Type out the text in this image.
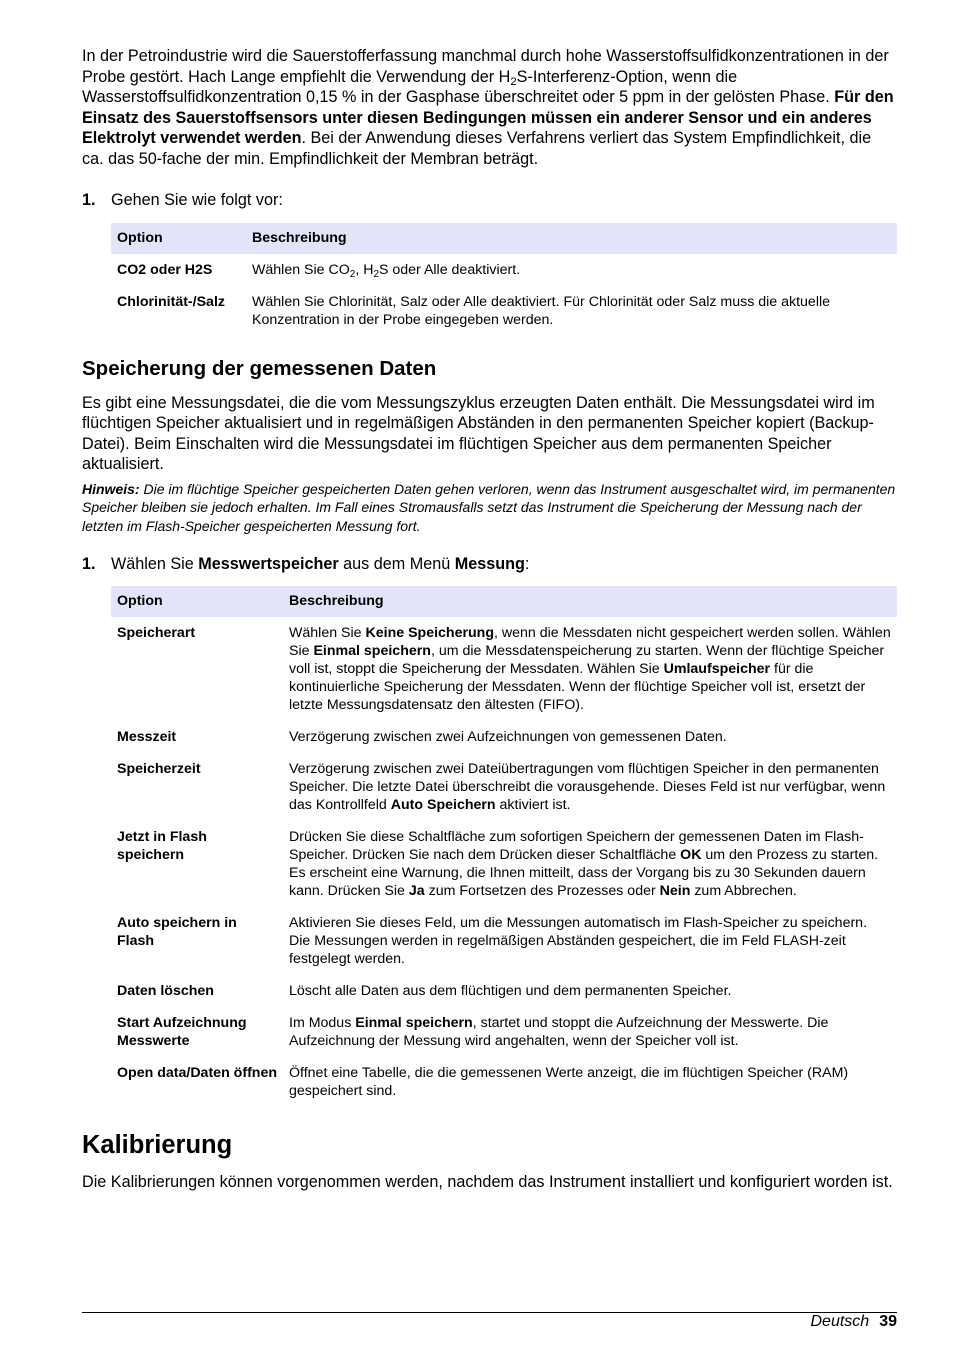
In der Petroindustrie wird die Sauerstofferfassung manchmal durch hohe Wasserstoffsulfidkonzentrationen in der Probe gestört. Hach Lange empfiehlt die Verwendung der $H_2S-Interferenz$-Option, wenn die Wasserstoffsulfidkonzentration 0,15 % in der Gasphase überschreitet oder 5 ppm in der gelösten Phase. Für den Einsatz des Sauerstoffsensors unter diesen Bedingungen müssen ein anderer Sensor und ein anderes Elektrolyt verwendet werden. Bei der Anwendung dieses Verfahrens verliert das System Empfindlichkeit, die ca. das 50-fache der min. Empfindlichkeit der Membran beträgt.

1. Gehen Sie wie folgt vor:
Option	Beschreibung
CO2 oder H2S	Wählen Sie $CO_2$, $H_2S$ oder Alle deaktiviert.
Chlorinität-/Salz	Wählen Sie Chlorinität, Salz oder Alle deaktiviert. Für Chlorinität oder Salz muss die aktuelle Konzentration in der Probe eingegeben werden.
Speicherung der gemessenen Daten

Es gibt eine Messungsdatei, die die vom Messungszyklus erzeugten Daten enthält. Die Messungsdatei wird im flüchtigen Speicher aktualisiert und in regelmäßigen Abständen in den permanenten Speicher kopiert (Backup-Datei). Beim Einschalten wird die Messungsdatei im flüchtigen Speicher aus dem permanenten Speicher aktualisiert.

Hinweis: Die im flüchtige Speicher gespeicherten Daten gehen verloren, wenn das Instrument ausgeschaltet wird, im permanenten Speicher bleiben sie jedoch erhalten. Im Fall eines Stromausfalls setzt das Instrument die Speicherung der Messung nach der letzten im Flash-Speicher gespeicherten Messung fort.

1. Wählen Sie Messwertspeicher aus dem Menü Messung:
Option	Beschreibung
Speicherart	Wählen Sie Keine Speicherung, wenn die Messdaten nicht gespeichert werden sollen. Wählen Sie Einmal speichern, um die Messdatenspeicherung zu starten. Wenn der flüchtige Speicher voll ist, stoppt die Speicherung der Messdaten. Wählen Sie Umlaufspeicher für die kontinuierliche Speicherung der Messdaten. Wenn der flüchtige Speicher voll ist, ersetzt der letzte Messungsdatensatz den ältesten (FIFO).
Messzeit	Verzögerung zwischen zwei Aufzeichnungen von gemessenen Daten.
Speicherzeit	Verzögerung zwischen zwei Dateiübertragungen vom flüchtigen Speicher in den permanenten Speicher. Die letzte Datei überschreibt die vorausgehende. Dieses Feld ist nur verfügbar, wenn das Kontrollfeld Auto Speichern aktiviert ist.
Jetzt in Flash speichern	Drücken Sie diese Schaltfläche zum sofortigen Speichern der gemessenen Daten im Flash-Speicher. Drücken Sie nach dem Drücken dieser Schaltfläche OK um den Prozess zu starten. Es erscheint eine Warnung, die Ihnen mitteilt, dass der Vorgang bis zu 30 Sekunden dauern kann. Drücken Sie Ja zum Fortsetzen des Prozesses oder Nein zum Abbrechen.
Auto speichern in Flash	Aktivieren Sie dieses Feld, um die Messungen automatisch im Flash-Speicher zu speichern. Die Messungen werden in regelmäßigen Abständen gespeichert, die im Feld FLASH-zeit festgelegt werden.
Daten löschen	Löscht alle Daten aus dem flüchtigen und dem permanenten Speicher.
Start Aufzeichnung Messwerte	Im Modus Einmal speichern, startet und stoppt die Aufzeichnung der Messwerte. Die Aufzeichnung der Messung wird angehalten, wenn der Speicher voll ist.
Open data/Daten öffnen	Öffnet eine Tabelle, die die gemessenen Werte anzeigt, die im flüchtigen Speicher (RAM) gespeichert sind.
Kalibrierung

Die Kalibrierungen können vorgenommen werden, nachdem das Instrument installiert und konfiguriert worden ist.

Deutsch 39
